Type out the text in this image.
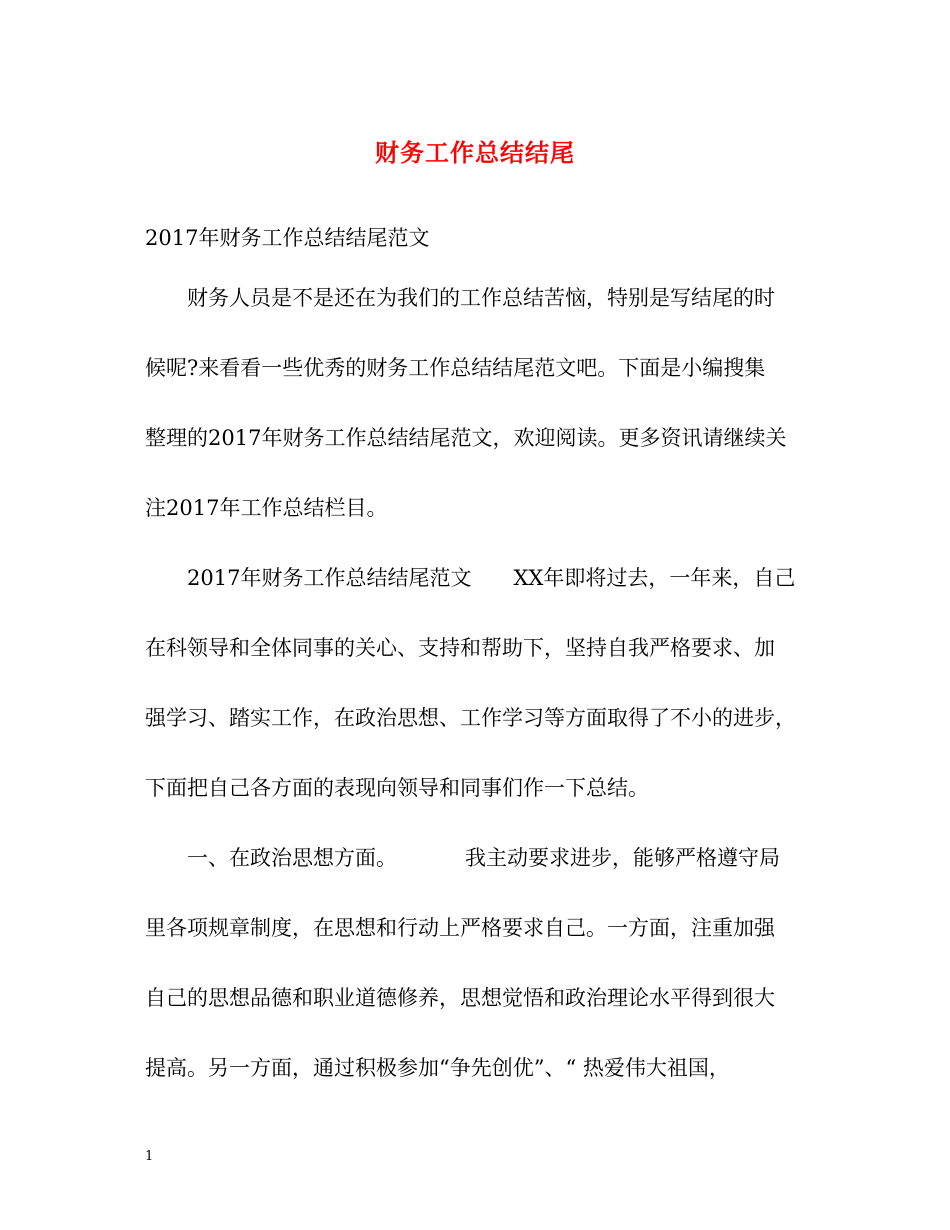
财务工作总结结尾
2017年财务工作总结结尾范文
财务人员是不是还在为我们的工作总结苦恼，特别是写结尾的时
候呢?来看看一些优秀的财务工作总结结尾范文吧。下面是小编搜集
整理的2017年财务工作总结结尾范文，欢迎阅读。更多资讯请继续关
注2017年工作总结栏目。
2017年财务工作总结结尾范文 XX年即将过去，一年来，自己
在科领导和全体同事的关心、支持和帮助下，坚持自我严格要求、加
强学习、踏实工作，在政治思想、工作学习等方面取得了不小的进步，
下面把自己各方面的表现向领导和同事们作一下总结。
一、在政治思想方面。	我主动要求进步，能够严格遵守局
里各项规章制度，在思想和行动上严格要求自己。一方面，注重加强
自己的思想品德和职业道德修养，思想觉悟和政治理论水平得到很大
提高。另一方面，通过积极参加“争先创优”、“ 热爱伟大祖国，
1
